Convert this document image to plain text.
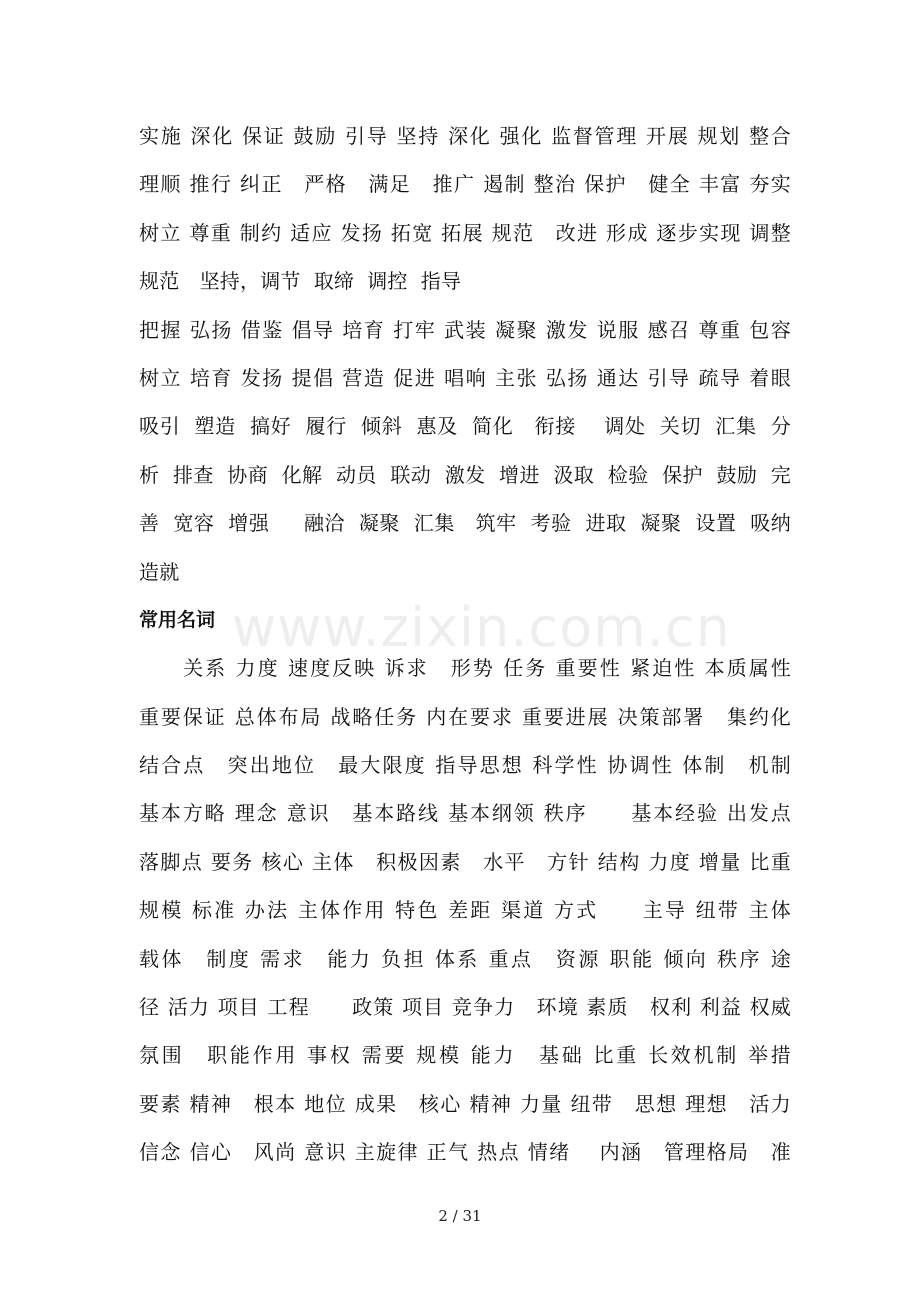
实施 深化 保证 鼓励 引导 坚持 深化 强化 监督管理 开展 规划 整合
理顺 推行 纠正　严格　满足　推广 遏制 整治 保护　健全 丰富 夯实
树立 尊重 制约 适应 发扬 拓宽 拓展 规范　改进 形成 逐步实现 调整
规范　坚持，调节  取缔  调控  指导
把握 弘扬 借鉴 倡导 培育 打牢 武装 凝聚 激发 说服 感召 尊重 包容
树立 培育 发扬 提倡 营造 促进 唱响 主张 弘扬 通达 引导 疏导 着眼
吸引  塑造  搞好  履行  倾斜  惠及  简化   衔接    调处  关切  汇集  分
析  排查  协商  化解  动员  联动  激发  增进  汲取  检验  保护  鼓励  完
善  宽容  增强     融洽  凝聚  汇集   筑牢  考验  进取  凝聚  设置  吸纳
造就
常用名词
　　关系 力度 速度反映 诉求　形势 任务 重要性 紧迫性 本质属性
重要保证 总体布局 战略任务 内在要求 重要进展 决策部署　集约化
结合点　突出地位　最大限度 指导思想 科学性 协调性 体制　机制
基本方略 理念 意识　基本路线 基本纲领 秩序　　基本经验 出发点
落脚点 要务 核心 主体　积极因素　水平　方针 结构 力度 增量 比重
规模 标准 办法 主体作用 特色 差距 渠道 方式　　主导 纽带 主体
载体　制度 需求　能力 负担 体系 重点　资源 职能 倾向 秩序 途
径 活力 项目 工程　　政策 项目 竞争力　环境 素质　权利 利益 权威
氛围　职能作用 事权 需要 规模 能力　基础 比重 长效机制 举措
要素 精神　根本 地位 成果　核心 精神 力量 纽带　思想 理想　活力
信念 信心　风尚 意识 主旋律 正气 热点 情绪　 内涵　管理格局　准
www.zixin.com.cn
2 / 31
